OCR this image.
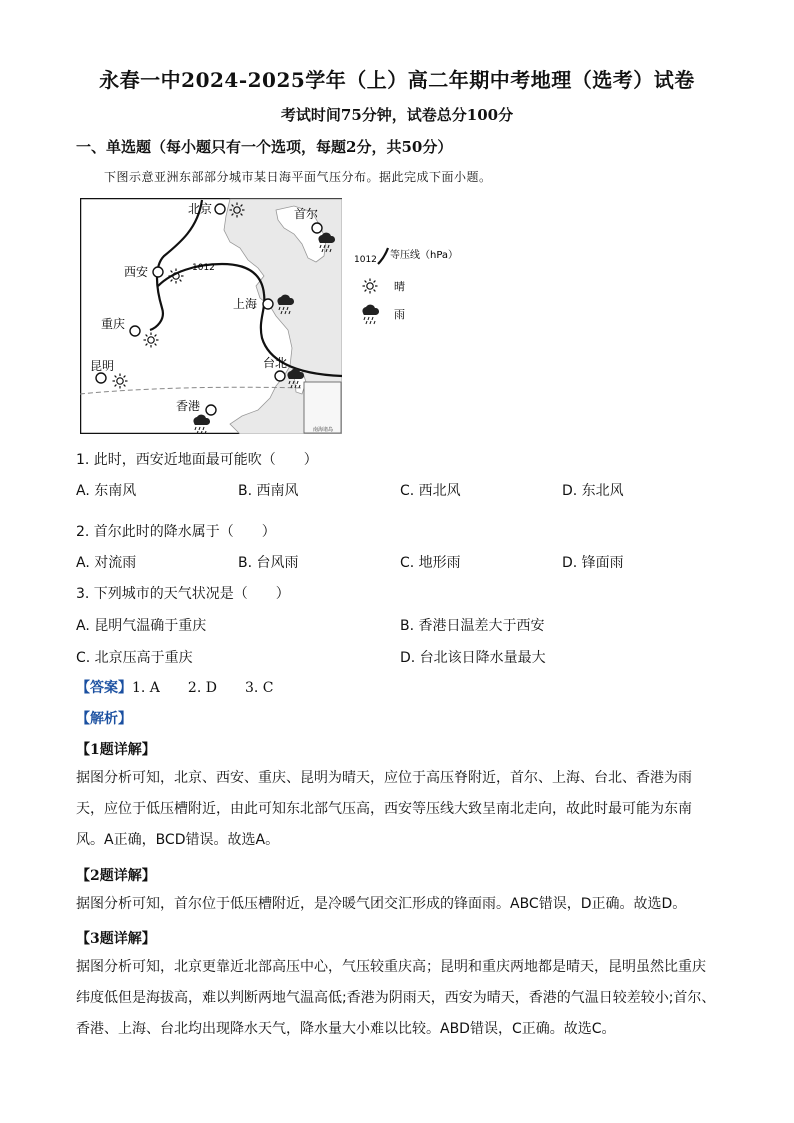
永春一中2024-2025学年（上）高二年期中考地理（选考）试卷
考试时间75分钟，试卷总分100分
一、单选题（每小题只有一个选项，每题2分，共50分）
下图示意亚洲东部部分城市某日海平面气压分布。据此完成下面小题。
南海诸岛
1012
北京	首尔
西安
上海
重庆
昆明	台北
香港
1012 等压线（hPa）
晴
雨
1. 此时，西安近地面最可能吹（　　）
A. 东南风	B. 西南风	C. 西北风	D. 东北风
2. 首尔此时的降水属于（　　）
A. 对流雨	B. 台风雨	C. 地形雨	D. 锋面雨
3. 下列城市的天气状况是（　　）
A. 昆明气温确于重庆	B. 香港日温差大于西安
C. 北京压高于重庆	D. 台北该日降水量最大
【答案】1. A　　2. D　　3. C
【解析】
【1题详解】
据图分析可知，北京、西安、重庆、昆明为晴天，应位于高压脊附近，首尔、上海、台北、香港为雨
天，应位于低压槽附近，由此可知东北部气压高，西安等压线大致呈南北走向，故此时最可能为东南
风。A正确，BCD错误。故选A。
【2题详解】
据图分析可知，首尔位于低压槽附近，是冷暖气团交汇形成的锋面雨。ABC错误，D正确。故选D。
【3题详解】
据图分析可知，北京更靠近北部高压中心，气压较重庆高；昆明和重庆两地都是晴天，昆明虽然比重庆
纬度低但是海拔高，难以判断两地气温高低;香港为阴雨天，西安为晴天，香港的气温日较差较小;首尔、
香港、上海、台北均出现降水天气，降水量大小难以比较。ABD错误，C正确。故选C。
